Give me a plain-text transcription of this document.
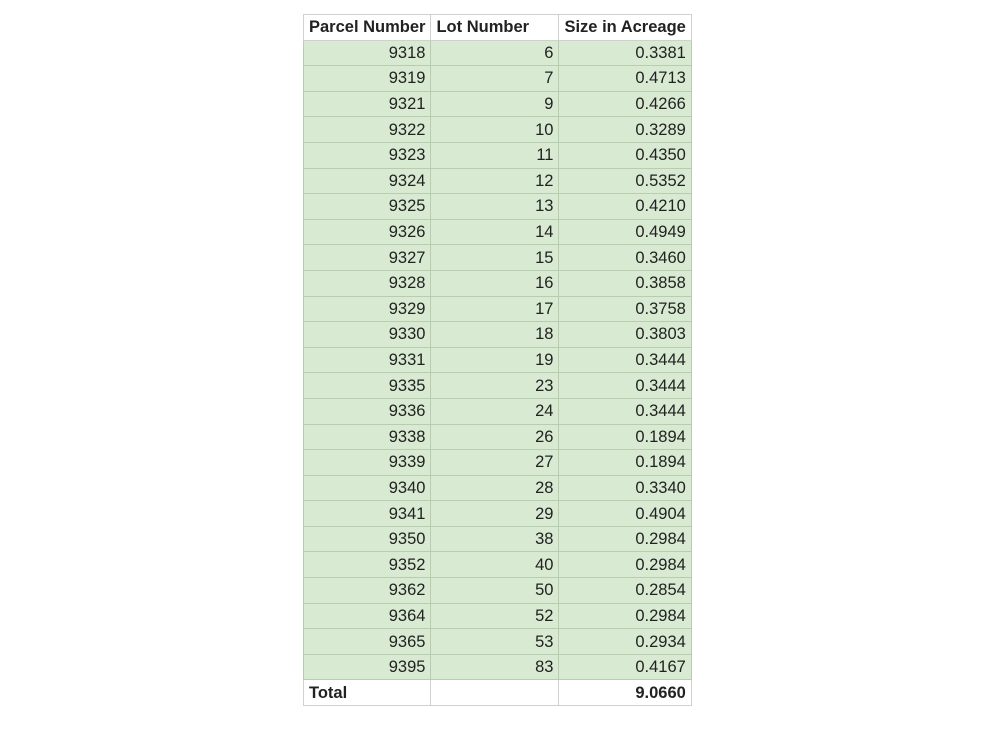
Parcel Number	Lot Number	Size in Acreage
9318	6	0.3381
9319	7	0.4713
9321	9	0.4266
9322	10	0.3289
9323	11	0.4350
9324	12	0.5352
9325	13	0.4210
9326	14	0.4949
9327	15	0.3460
9328	16	0.3858
9329	17	0.3758
9330	18	0.3803
9331	19	0.3444
9335	23	0.3444
9336	24	0.3444
9338	26	0.1894
9339	27	0.1894
9340	28	0.3340
9341	29	0.4904
9350	38	0.2984
9352	40	0.2984
9362	50	0.2854
9364	52	0.2984
9365	53	0.2934
9395	83	0.4167
Total		9.0660
